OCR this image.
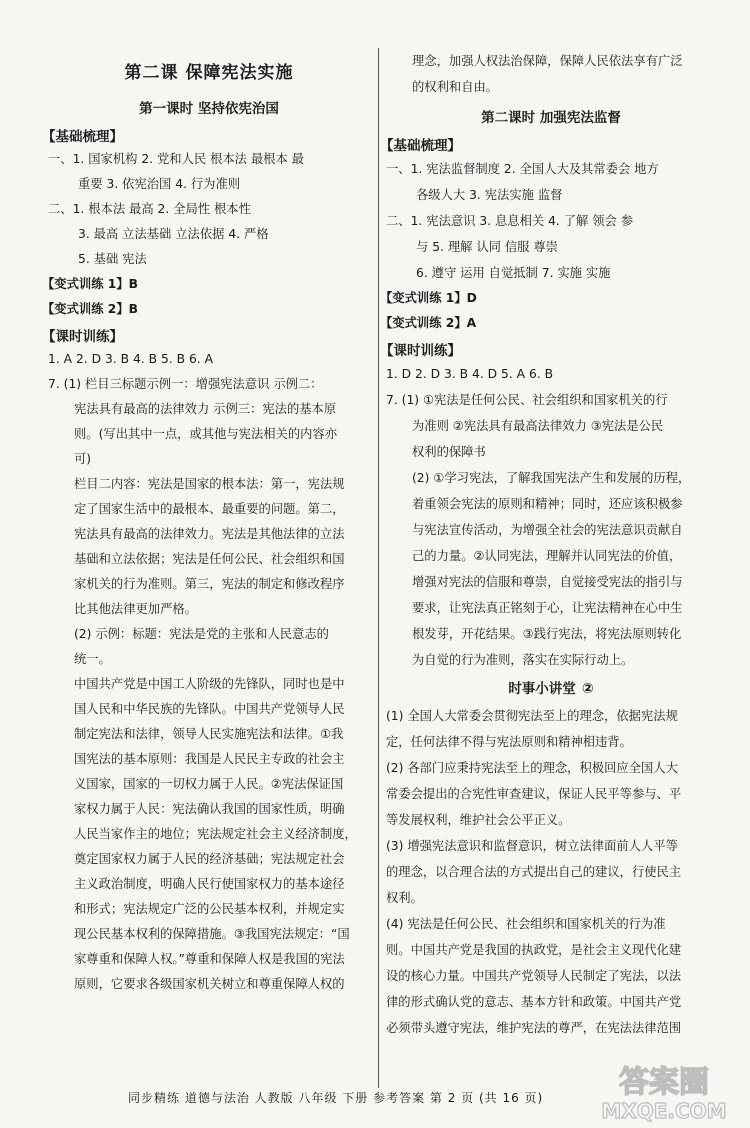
第二课 保障宪法实施
第一课时 坚持依宪治国
【基础梳理】

一、1. 国家机构 2. 党和人民 根本法 最根本 最

重要 3. 依宪治国 4. 行为准则

二、1. 根本法 最高 2. 全局性 根本性

3. 最高 立法基础 立法依据 4. 严格

5. 基础 宪法

【变式训练 1】B

【变式训练 2】B

【课时训练】

1. A 2. D 3. B 4. B 5. B 6. A

7. (1) 栏目三标题示例一：增强宪法意识 示例二：

宪法具有最高的法律效力 示例三：宪法的基本原

则。(写出其中一点，或其他与宪法相关的内容亦

可)

栏目二内容：宪法是国家的根本法：第一，宪法规

定了国家生活中的最根本、最重要的问题。第二，

宪法具有最高的法律效力。宪法是其他法律的立法

基础和立法依据；宪法是任何公民、社会组织和国

家机关的行为准则。第三，宪法的制定和修改程序

比其他法律更加严格。

(2) 示例：标题：宪法是党的主张和人民意志的

统一。

中国共产党是中国工人阶级的先锋队，同时也是中

国人民和中华民族的先锋队。中国共产党领导人民

制定宪法和法律，领导人民实施宪法和法律。①我

国宪法的基本原则：我国是人民民主专政的社会主

义国家，国家的一切权力属于人民。②宪法保证国

家权力属于人民：宪法确认我国的国家性质，明确

人民当家作主的地位；宪法规定社会主义经济制度，

奠定国家权力属于人民的经济基础；宪法规定社会

主义政治制度，明确人民行使国家权力的基本途径

和形式；宪法规定广泛的公民基本权利，并规定实

现公民基本权利的保障措施。③我国宪法规定：“国

家尊重和保障人权。”尊重和保障人权是我国的宪法

原则，它要求各级国家机关树立和尊重保障人权的

理念，加强人权法治保障，保障人民依法享有广泛

的权利和自由。

第二课时 加强宪法监督
【基础梳理】

一、1. 宪法监督制度 2. 全国人大及其常委会 地方

各级人大 3. 宪法实施 监督

二、1. 宪法意识 3. 息息相关 4. 了解 领会 参

与 5. 理解 认同 信服 尊崇

6. 遵守 运用 自觉抵制 7. 实施 实施

【变式训练 1】D

【变式训练 2】A

【课时训练】

1. D 2. D 3. B 4. D 5. A 6. B

7. (1) ①宪法是任何公民、社会组织和国家机关的行

为准则 ②宪法具有最高法律效力 ③宪法是公民

权利的保障书

(2) ①学习宪法，了解我国宪法产生和发展的历程，

着重领会宪法的原则和精神；同时，还应该积极参

与宪法宣传活动，为增强全社会的宪法意识贡献自

己的力量。②认同宪法，理解并认同宪法的价值，

增强对宪法的信服和尊崇，自觉接受宪法的指引与

要求，让宪法真正铭刻于心，让宪法精神在心中生

根发芽，开花结果。③践行宪法，将宪法原则转化

为自觉的行为准则，落实在实际行动上。

时事小讲堂 ②

(1) 全国人大常委会贯彻宪法至上的理念，依据宪法规

定，任何法律不得与宪法原则和精神相违背。

(2) 各部门应秉持宪法至上的理念，积极回应全国人大

常委会提出的合宪性审查建议，保证人民平等参与、平

等发展权利，维护社会公平正义。

(3) 增强宪法意识和监督意识，树立法律面前人人平等

的理念，以合理合法的方式提出自己的建议，行使民主

权利。

(4) 宪法是任何公民、社会组织和国家机关的行为准

则。中国共产党是我国的执政党，是社会主义现代化建

设的核心力量。中国共产党领导人民制定了宪法，以法

律的形式确认党的意志、基本方针和政策。中国共产党

必须带头遵守宪法，维护宪法的尊严，在宪法法律范围

同步精练 道德与法治 人教版 八年级 下册 参考答案 第 2 页 (共 16 页)	答案圈
MXQE.COM
